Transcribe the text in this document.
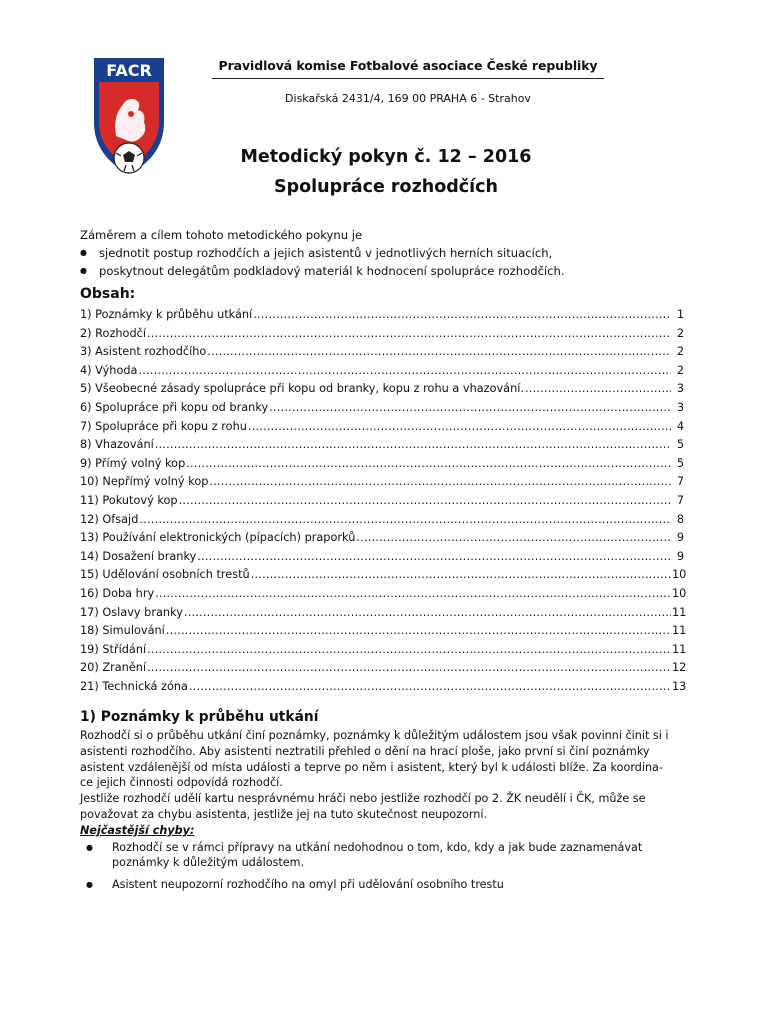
FACR	Pravidlová komise Fotbalové asociace České republiky
Diskařská 2431/4, 169 00 PRAHA 6 - Strahov
Metodický pokyn č. 12 – 2016
Spolupráce rozhodčích
Záměrem a cílem tohoto metodického pokynu je
●	sjednotit postup rozhodčích a jejich asistentů v jednotlivých herních situacích,
●	poskytnout delegátům podkladový materiál k hodnocení spolupráce rozhodčích.
Obsah:
1) Poznámky k průběhu utkání .....	1
2) Rozhodčí .....	2
3) Asistent rozhodčího .....	2
4) Výhoda .....	2
5) Všeobecné zásady spolupráce při kopu od branky, kopu z rohu a vhazování. .....	3
6) Spolupráce při kopu od branky .....	3
7) Spolupráce při kopu z rohu .....	4
8) Vhazování .....	5
9) Přímý volný kop .....	5
10) Nepřímý volný kop .....	7
11) Pokutový kop .....	7
12) Ofsajd .....	8
13) Používání elektronických (pípacích) praporků .....	9
14) Dosažení branky .....	9
15) Udělování osobních trestů .....	10
16) Doba hry .....	10
17) Oslavy branky .....	11
18) Simulování .....	11
19) Střídání .....	11
20) Zranění .....	12
21) Technická zóna .....	13
1) Poznámky k průběhu utkání
Rozhodčí si o průběhu utkání činí poznámky, poznámky k důležitým událostem jsou však povinni činit si i
asistenti rozhodčího. Aby asistenti neztratili přehled o dění na hrací ploše, jako první si činí poznámky
asistent vzdálenější od místa události a teprve po něm i asistent, který byl k události blíže. Za koordina-
ce jejich činnosti odpovídá rozhodčí.
Jestliže rozhodčí udělí kartu nesprávnému hráči nebo jestliže rozhodčí po 2. ŽK neudělí i ČK, může se
považovat za chybu asistenta, jestliže jej na tuto skutečnost neupozorní.
Nejčastější chyby:
●	Rozhodčí se v rámci přípravy na utkání nedohodnou o tom, kdo, kdy a jak bude zaznamenávat
poznámky k důležitým událostem.
●	Asistent neupozorní rozhodčího na omyl při udělování osobního trestu
